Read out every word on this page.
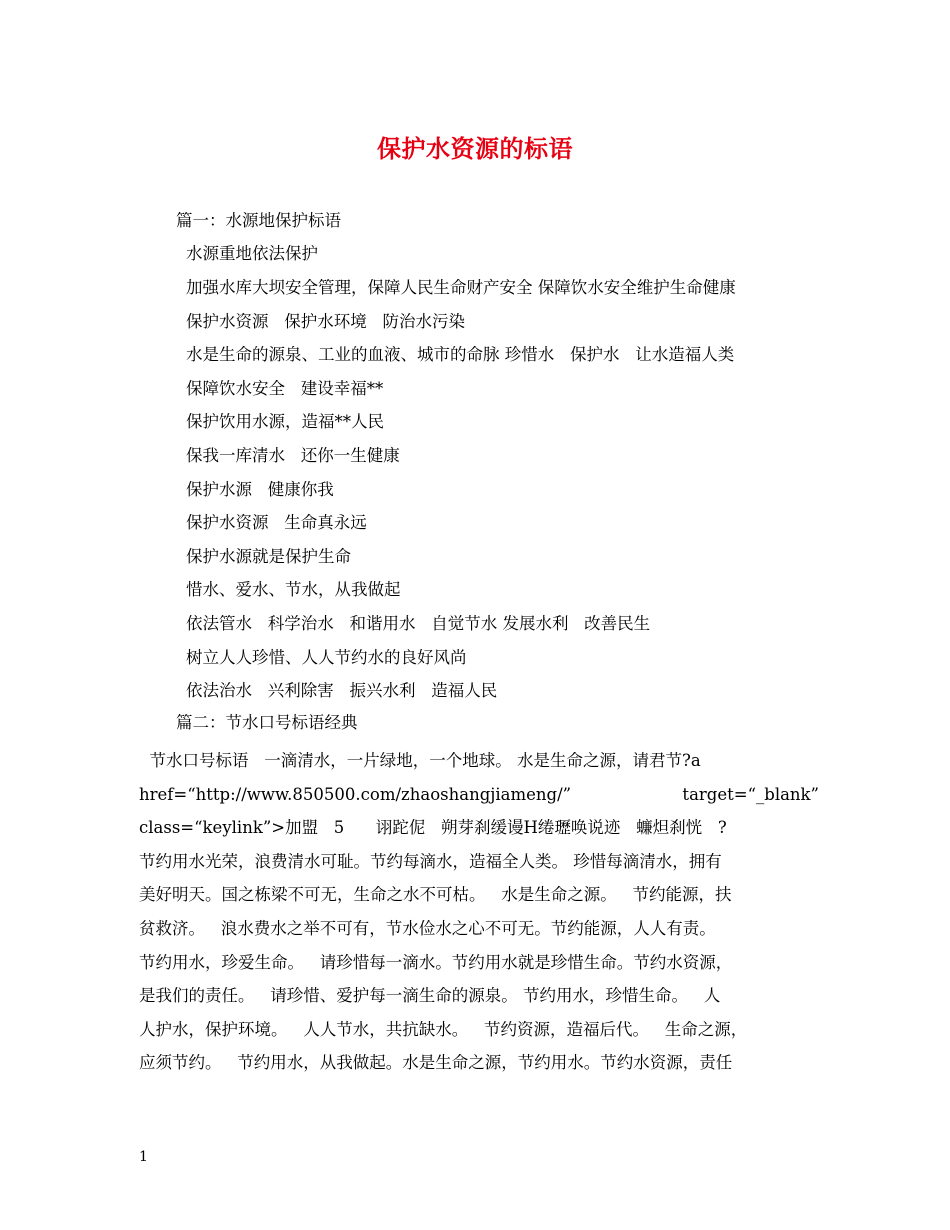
保护水资源的标语
篇一：水源地保护标语
水源重地依法保护
加强水库大坝安全管理，保障人民生命财产安全 保障饮水安全维护生命健康
保护水资源   保护水环境   防治水污染
水是生命的源泉、工业的血液、城市的命脉 珍惜水   保护水   让水造福人类
保障饮水安全   建设幸福**
保护饮用水源，造福**人民
保我一库清水   还你一生健康
保护水源   健康你我
保护水资源   生命真永远
保护水源就是保护生命
惜水、爱水、节水，从我做起
依法管水   科学治水   和谐用水   自觉节水 发展水利   改善民生
树立人人珍惜、人人节约水的良好风尚
依法治水   兴利除害   振兴水利   造福人民
篇二：节水口号标语经典
节水口号标语   一滴清水，一片绿地，一个地球。 水是生命之源，请君节?a
href=“http://www.850500.com/zhaoshangjiameng/” target=“_blank”
class=“keylink”>加盟   5      诩跎伲   朔芽刹缓谩Η绻瓑唤说迹   蠊炟刹恍   ?
节约用水光荣，浪费清水可耻。节约每滴水，造福全人类。 珍惜每滴清水，拥有
美好明天。国之栋梁不可无，生命之水不可枯。   水是生命之源。   节约能源，扶
贫救济。   浪水费水之举不可有，节水俭水之心不可无。节约能源，人人有责。
节约用水，珍爱生命。   请珍惜每一滴水。节约用水就是珍惜生命。节约水资源，
是我们的责任。   请珍惜、爱护每一滴生命的源泉。 节约用水，珍惜生命。   人
人护水，保护环境。   人人节水，共抗缺水。   节约资源，造福后代。   生命之源，
应须节约。   节约用水，从我做起。水是生命之源，节约用水。节约水资源，责任
1
